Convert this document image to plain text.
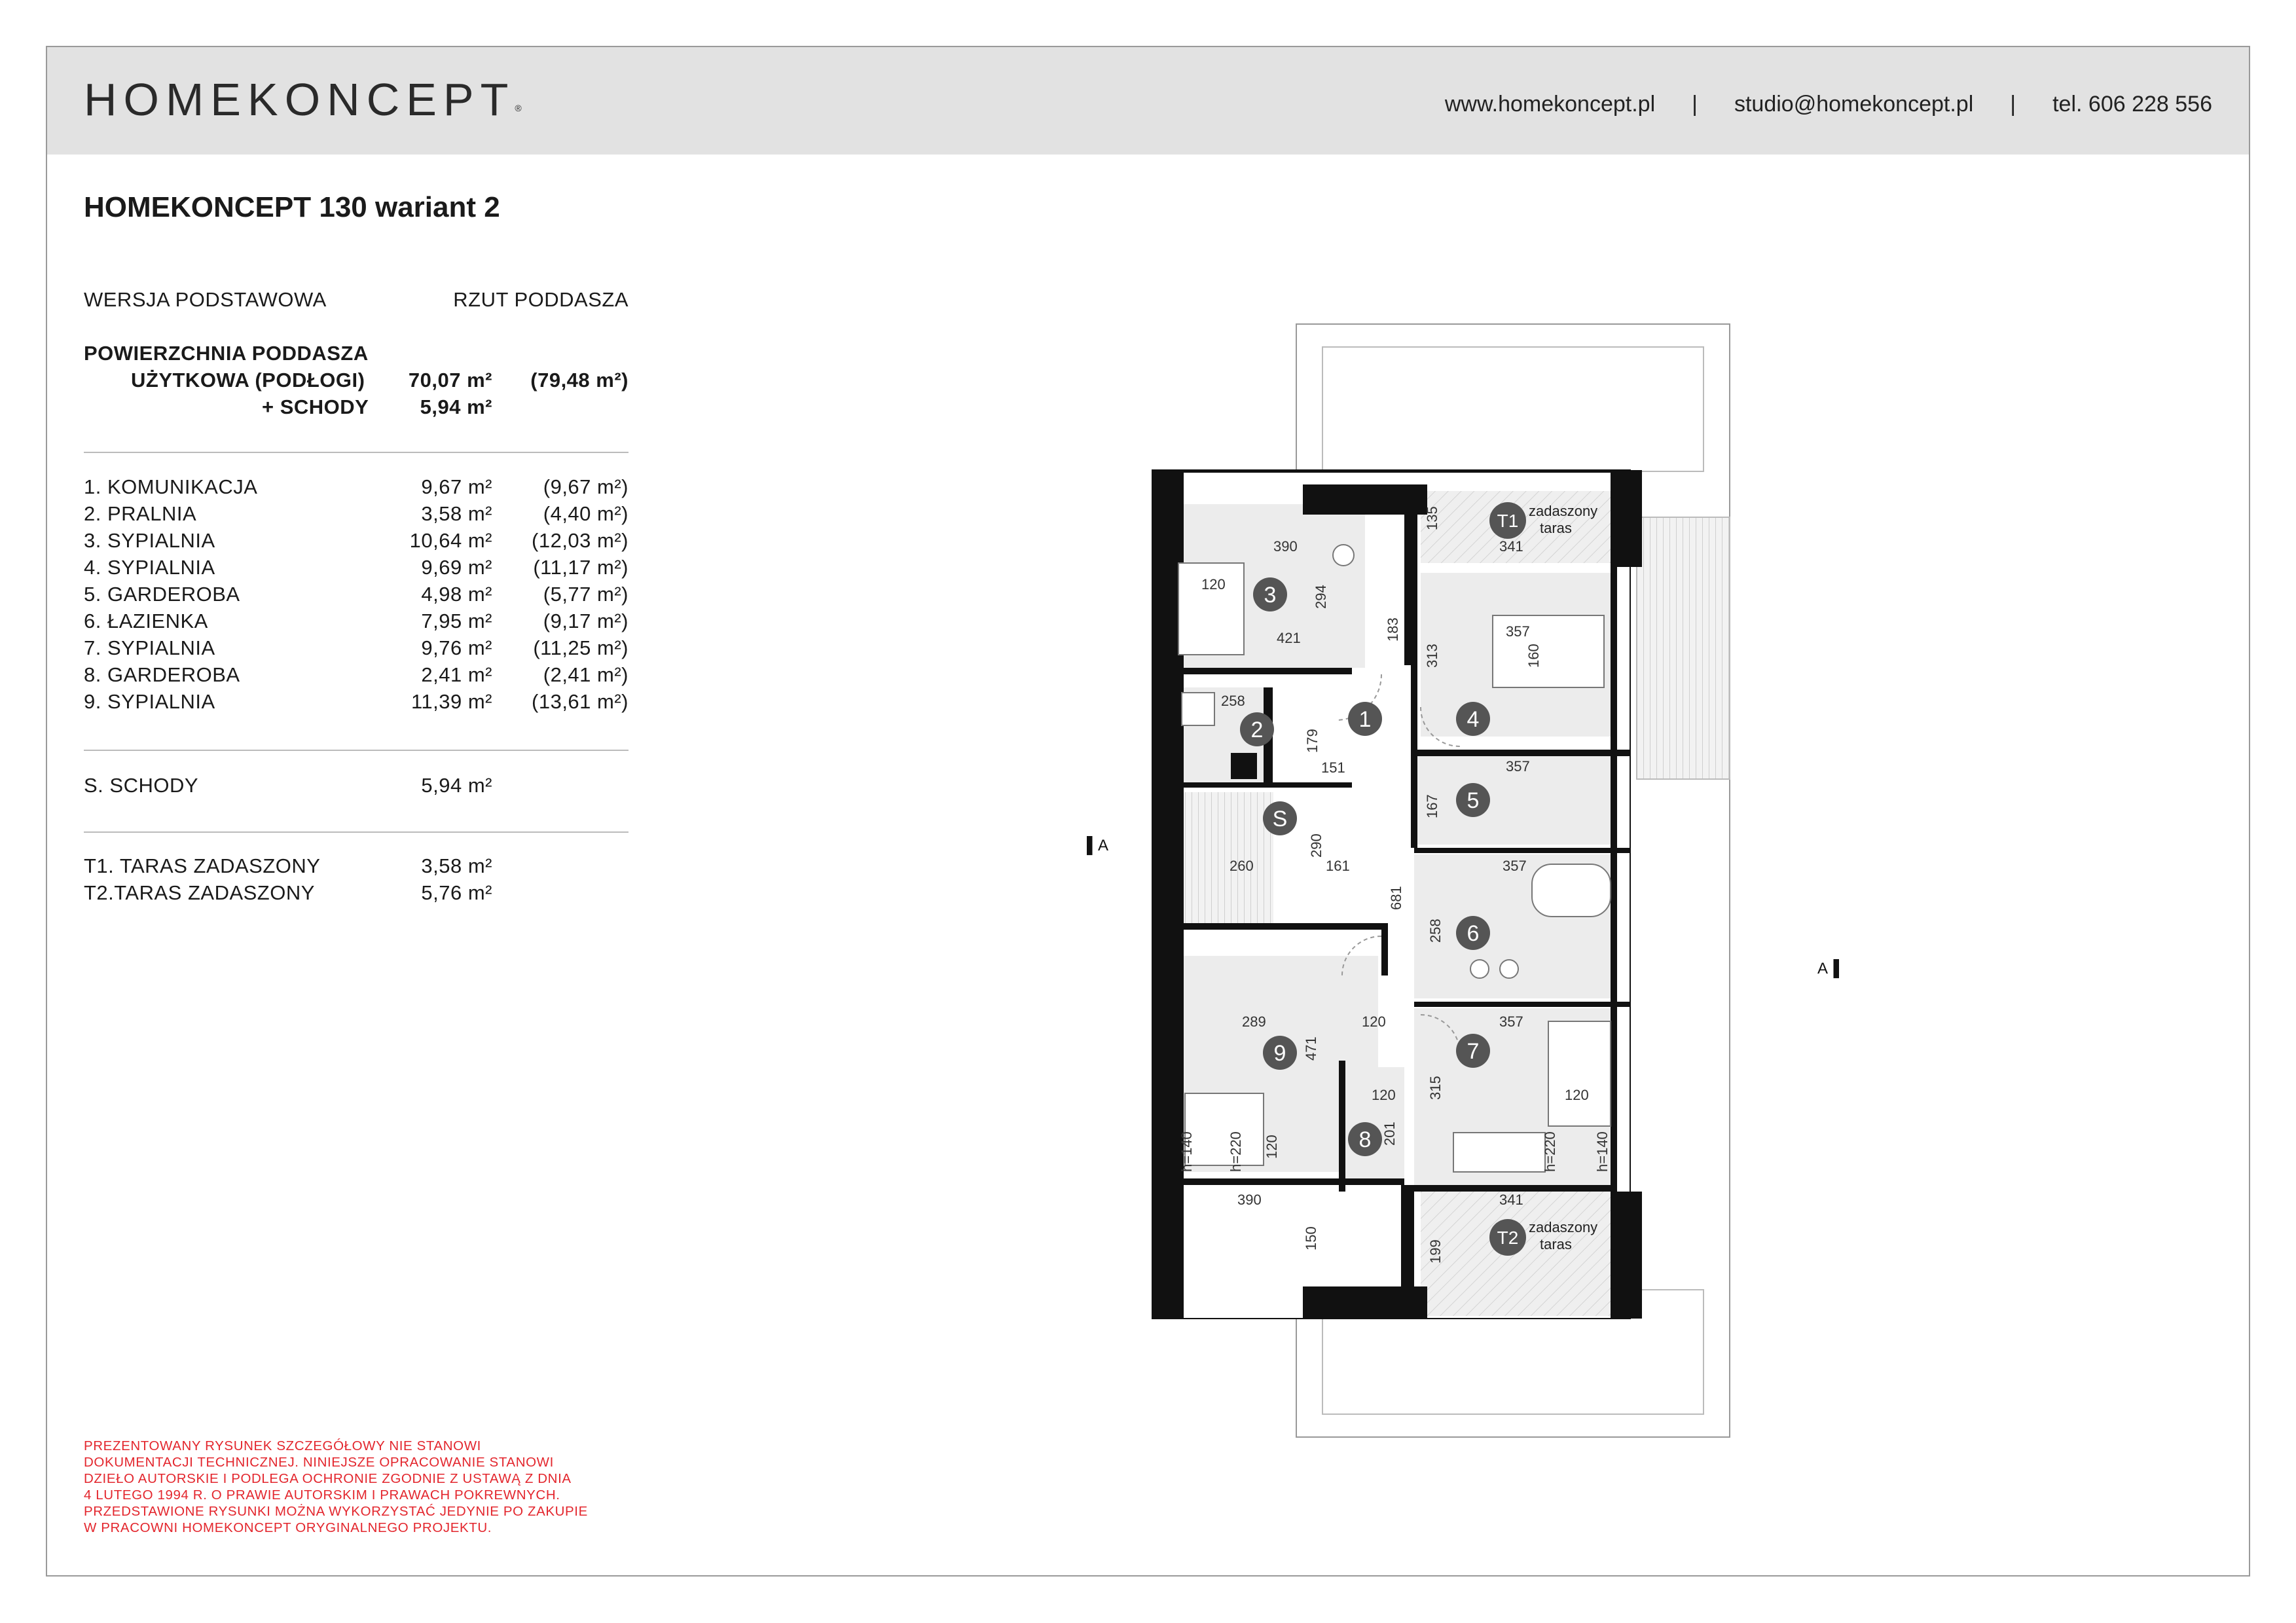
HOMEKONCEPT®	www.homekoncept.pl | studio@homekoncept.pl | tel. 606 228 556
HOMEKONCEPT 130 wariant 2
WERSJA PODSTAWOWA	RZUT PODDASZA
POWIERZCHNIA PODDASZA
UŻYTKOWA (PODŁOGI) 70,07 m² (79,48 m²)
+ SCHODY	5,94 m²
1. KOMUNIKACJA	9,67 m²	(9,67 m²)
2. PRALNIA	3,58 m²	(4,40 m²)
3. SYPIALNIA	10,64 m² (12,03 m²)
4. SYPIALNIA	9,69 m² (11,17 m²)
5. GARDEROBA	4,98 m²	(5,77 m²)
6. ŁAZIENKA	7,95 m²	(9,17 m²)
7. SYPIALNIA	9,76 m² (11,25 m²)
8. GARDEROBA	2,41 m²	(2,41 m²)
9. SYPIALNIA	11,39 m² (13,61 m²)
S. SCHODY	5,94 m²
T1. TARAS ZADASZONY	3,58 m²
T2.TARAS ZADASZONY	5,76 m²
PREZENTOWANY RYSUNEK SZCZEGÓŁOWY NIE STANOWI
DOKUMENTACJI TECHNICZNEJ. NINIEJSZE OPRACOWANIE STANOWI
DZIEŁO AUTORSKIE I PODLEGA OCHRONIE ZGODNIE Z USTAWĄ Z DNIA
4 LUTEGO 1994 R. O PRAWIE AUTORSKIM I PRAWACH POKREWNYCH.
PRZEDSTAWIONE RYSUNKI MOŻNA WYKORZYSTAĆ JEDYNIE PO ZAKUPIE
W PRACOWNI HOMEKONCEPT ORYGINALNEGO PROJEKTU.
▌A
A▐
390
294
120
421	183
135
341
357
313	160
258
179
151
167
357
290
260	161
681
357
258
289
471
120	357
315	120
120
201
h=140 h=220 120	h=220	h=140
390
150
341
199
zadaszony
taras
zadaszony
taras
3
2	1	4
5
S
6
9	7
8
T1
T2
